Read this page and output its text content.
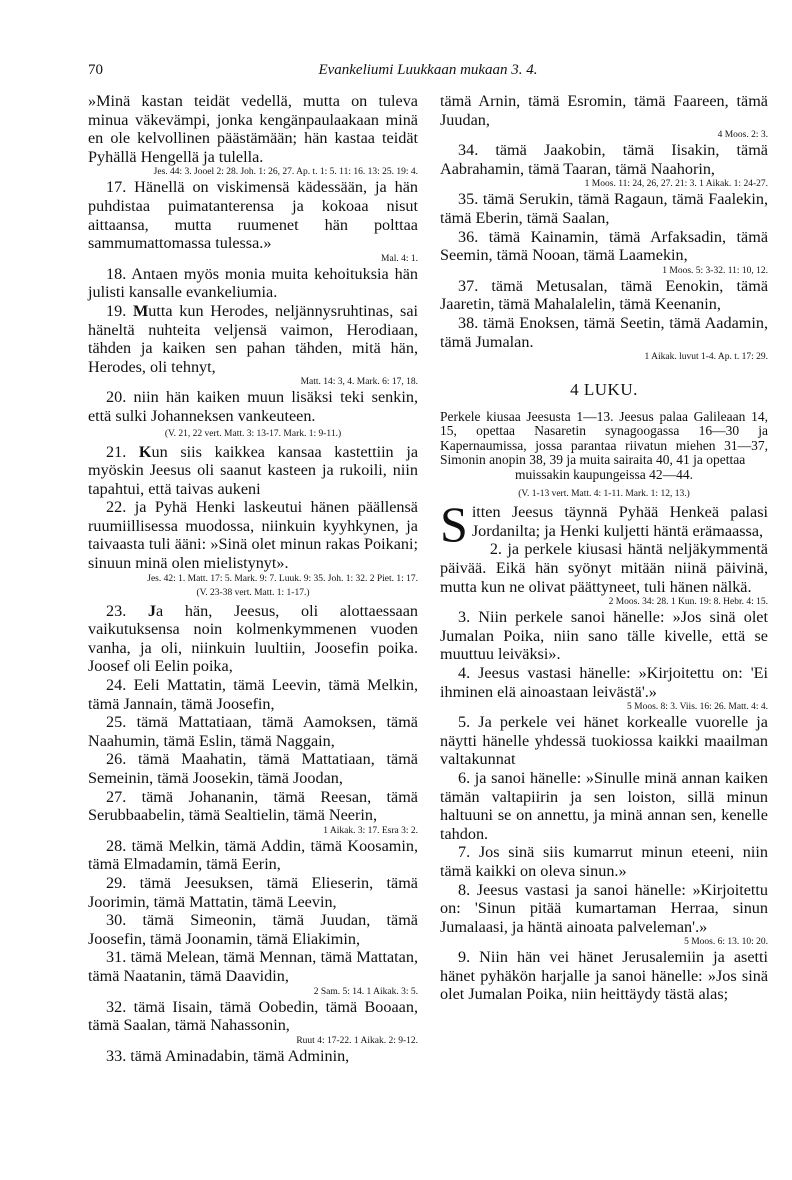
70	Evankeliumi Luukkaan mukaan 3. 4.

»Minä kastan teidät vedellä, mutta on tuleva minua väkevämpi, jonka kengänpaulaakaan minä en ole kelvollinen päästämään; hän kastaa teidät Pyhällä Hengellä ja tulella.

Jes. 44: 3. Jooel 2: 28. Joh. 1: 26, 27. Ap. t. 1: 5. 11: 16. 13: 25. 19: 4.

17. Hänellä on viskimensä kädessään, ja hän puhdistaa puimatanterensa ja kokoaa nisut aittaansa, mutta ruumenet hän polttaa sammumattomassa tulessa.»

Mal. 4: 1.

18. Antaen myös monia muita kehoituksia hän julisti kansalle evankeliumia.

19. Mutta kun Herodes, neljännysruhtinas, sai häneltä nuhteita veljensä vaimon, Herodiaan, tähden ja kaiken sen pahan tähden, mitä hän, Herodes, oli tehnyt,

Matt. 14: 3, 4. Mark. 6: 17, 18.

20. niin hän kaiken muun lisäksi teki senkin, että sulki Johanneksen vankeuteen.

(V. 21, 22 vert. Matt. 3: 13-17. Mark. 1: 9-11.)

21. Kun siis kaikkea kansaa kastettiin ja myöskin Jeesus oli saanut kasteen ja rukoili, niin tapahtui, että taivas aukeni

22. ja Pyhä Henki laskeutui hänen päällensä ruumiillisessa muodossa, niinkuin kyyhkynen, ja taivaasta tuli ääni: »Sinä olet minun rakas Poikani; sinuun minä olen mielistynyt».

Jes. 42: 1. Matt. 17: 5. Mark. 9: 7. Luuk. 9: 35. Joh. 1: 32. 2 Piet. 1: 17.

(V. 23-38 vert. Matt. 1: 1-17.)

23. Ja hän, Jeesus, oli alottaessaan vaikutuksensa noin kolmenkymmenen vuoden vanha, ja oli, niinkuin luultiin, Joosefin poika. Joosef oli Eelin poika,

24. Eeli Mattatin, tämä Leevin, tämä Melkin, tämä Jannain, tämä Joosefin,

25. tämä Mattatiaan, tämä Aamoksen, tämä Naahumin, tämä Eslin, tämä Naggain,

26. tämä Maahatin, tämä Mattatiaan, tämä Semeinin, tämä Joosekin, tämä Joodan,

27. tämä Johananin, tämä Reesan, tämä Serubbaabelin, tämä Sealtielin, tämä Neerin,

1 Aikak. 3: 17. Esra 3: 2.

28. tämä Melkin, tämä Addin, tämä Koosamin, tämä Elmadamin, tämä Eerin,

29. tämä Jeesuksen, tämä Elieserin, tämä Joorimin, tämä Mattatin, tämä Leevin,

30. tämä Simeonin, tämä Juudan, tämä Joosefin, tämä Joonamin, tämä Eliakimin,

31. tämä Melean, tämä Mennan, tämä Mattatan, tämä Naatanin, tämä Daavidin,

2 Sam. 5: 14. 1 Aikak. 3: 5.

32. tämä Iisain, tämä Oobedin, tämä Booaan, tämä Saalan, tämä Nahassonin,

Ruut 4: 17-22. 1 Aikak. 2: 9-12.

33. tämä Aminadabin, tämä Adminin,

tämä Arnin, tämä Esromin, tämä Faareen, tämä Juudan,

4 Moos. 2: 3.

34. tämä Jaakobin, tämä Iisakin, tämä Aabrahamin, tämä Taaran, tämä Naahorin,

1 Moos. 11: 24, 26, 27. 21: 3. 1 Aikak. 1: 24-27.

35. tämä Serukin, tämä Ragaun, tämä Faalekin, tämä Eberin, tämä Saalan,

36. tämä Kainamin, tämä Arfaksadin, tämä Seemin, tämä Nooan, tämä Laamekin,

1 Moos. 5: 3-32. 11: 10, 12.

37. tämä Metusalan, tämä Eenokin, tämä Jaaretin, tämä Mahalalelin, tämä Keenanin,

38. tämä Enoksen, tämä Seetin, tämä Aadamin, tämä Jumalan.

1 Aikak. luvut 1-4. Ap. t. 17: 29.

4 LUKU.
Perkele kiusaa Jeesusta 1—13. Jeesus palaa Galileaan 14, 15, opettaa Nasaretin synagoogassa 16—30 ja Kapernaumissa, jossa parantaa riivatun miehen 31—37, Simonin anopin 38, 39 ja muita sairaita 40, 41 ja opettaa
muissakin kaupungeissa 42—44.

(V. 1-13 vert. Matt. 4: 1-11. Mark. 1: 12, 13.)

S itten Jeesus täynnä Pyhää Henkeä palasi Jordanilta; ja Henki kuljetti häntä erämaassa,

2. ja perkele kiusasi häntä neljäkymmentä päivää. Eikä hän syönyt mitään niinä päivinä, mutta kun ne olivat päättyneet, tuli hänen nälkä.

2 Moos. 34: 28. 1 Kun. 19: 8. Hebr. 4: 15.

3. Niin perkele sanoi hänelle: »Jos sinä olet Jumalan Poika, niin sano tälle kivelle, että se muuttuu leiväksi».

4. Jeesus vastasi hänelle: »Kirjoitettu on: 'Ei ihminen elä ainoastaan leivästä'.»

5 Moos. 8: 3. Viis. 16: 26. Matt. 4: 4.

5. Ja perkele vei hänet korkealle vuorelle ja näytti hänelle yhdessä tuokiossa kaikki maailman valtakunnat

6. ja sanoi hänelle: »Sinulle minä annan kaiken tämän valtapiirin ja sen loiston, sillä minun haltuuni se on annettu, ja minä annan sen, kenelle tahdon.

7. Jos sinä siis kumarrut minun eteeni, niin tämä kaikki on oleva sinun.»

8. Jeesus vastasi ja sanoi hänelle: »Kirjoitettu on: 'Sinun pitää kumartaman Herraa, sinun Jumalaasi, ja häntä ainoata palveleman'.»

5 Moos. 6: 13. 10: 20.

9. Niin hän vei hänet Jerusalemiin ja asetti hänet pyhäkön harjalle ja sanoi hänelle: »Jos sinä olet Jumalan Poika, niin heittäydy tästä alas;
